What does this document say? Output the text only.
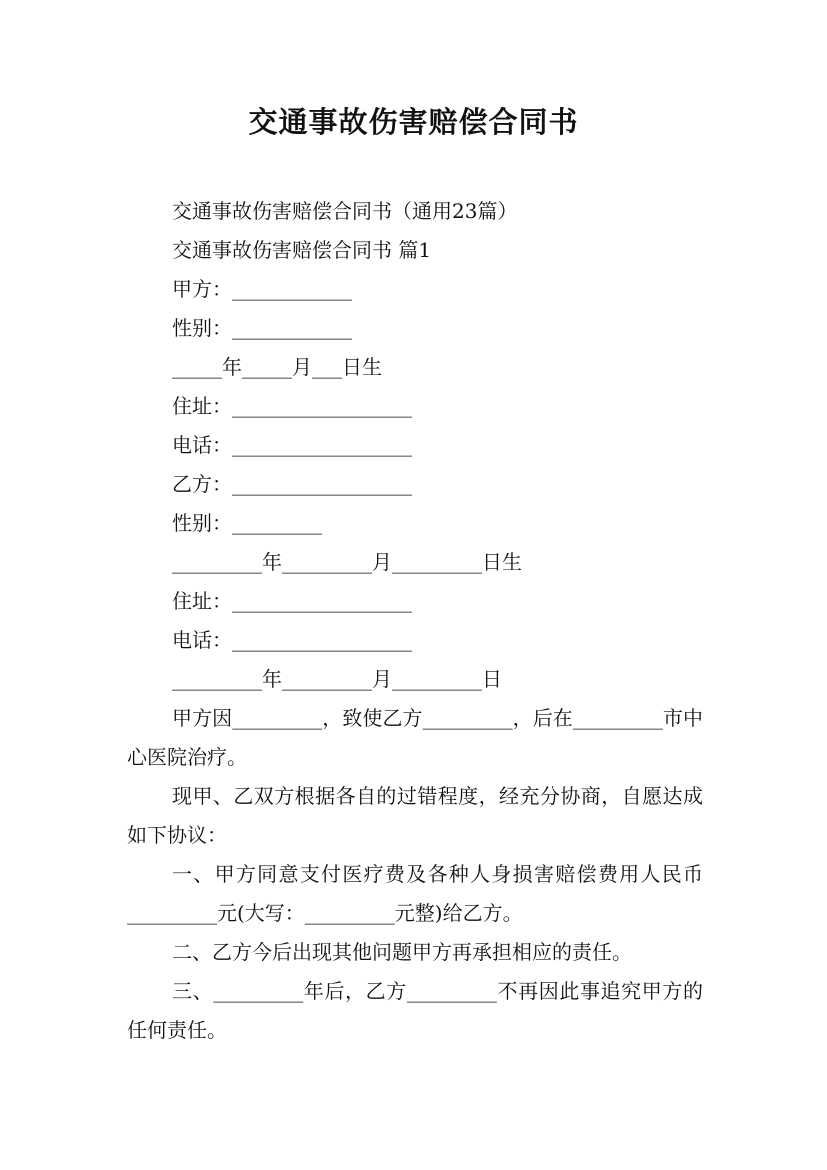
交通事故伤害赔偿合同书

交通事故伤害赔偿合同书（通用23篇）

交通事故伤害赔偿合同书 篇1

甲方：____________

性别：____________

_____年_____月___日生

住址：__________________

电话：__________________

乙方：__________________

性别：_________

_________年_________月_________日生

住址：__________________

电话：__________________

_________年_________月_________日

甲方因_________，致使乙方_________，后在_________市中心医院治疗。

现甲、乙双方根据各自的过错程度，经充分协商，自愿达成如下协议：

一、甲方同意支付医疗费及各种人身损害赔偿费用人民币_________元(大写：_________元整)给乙方。

二、乙方今后出现其他问题甲方再承担相应的责任。

三、_________年后，乙方_________不再因此事追究甲方的任何责任。
